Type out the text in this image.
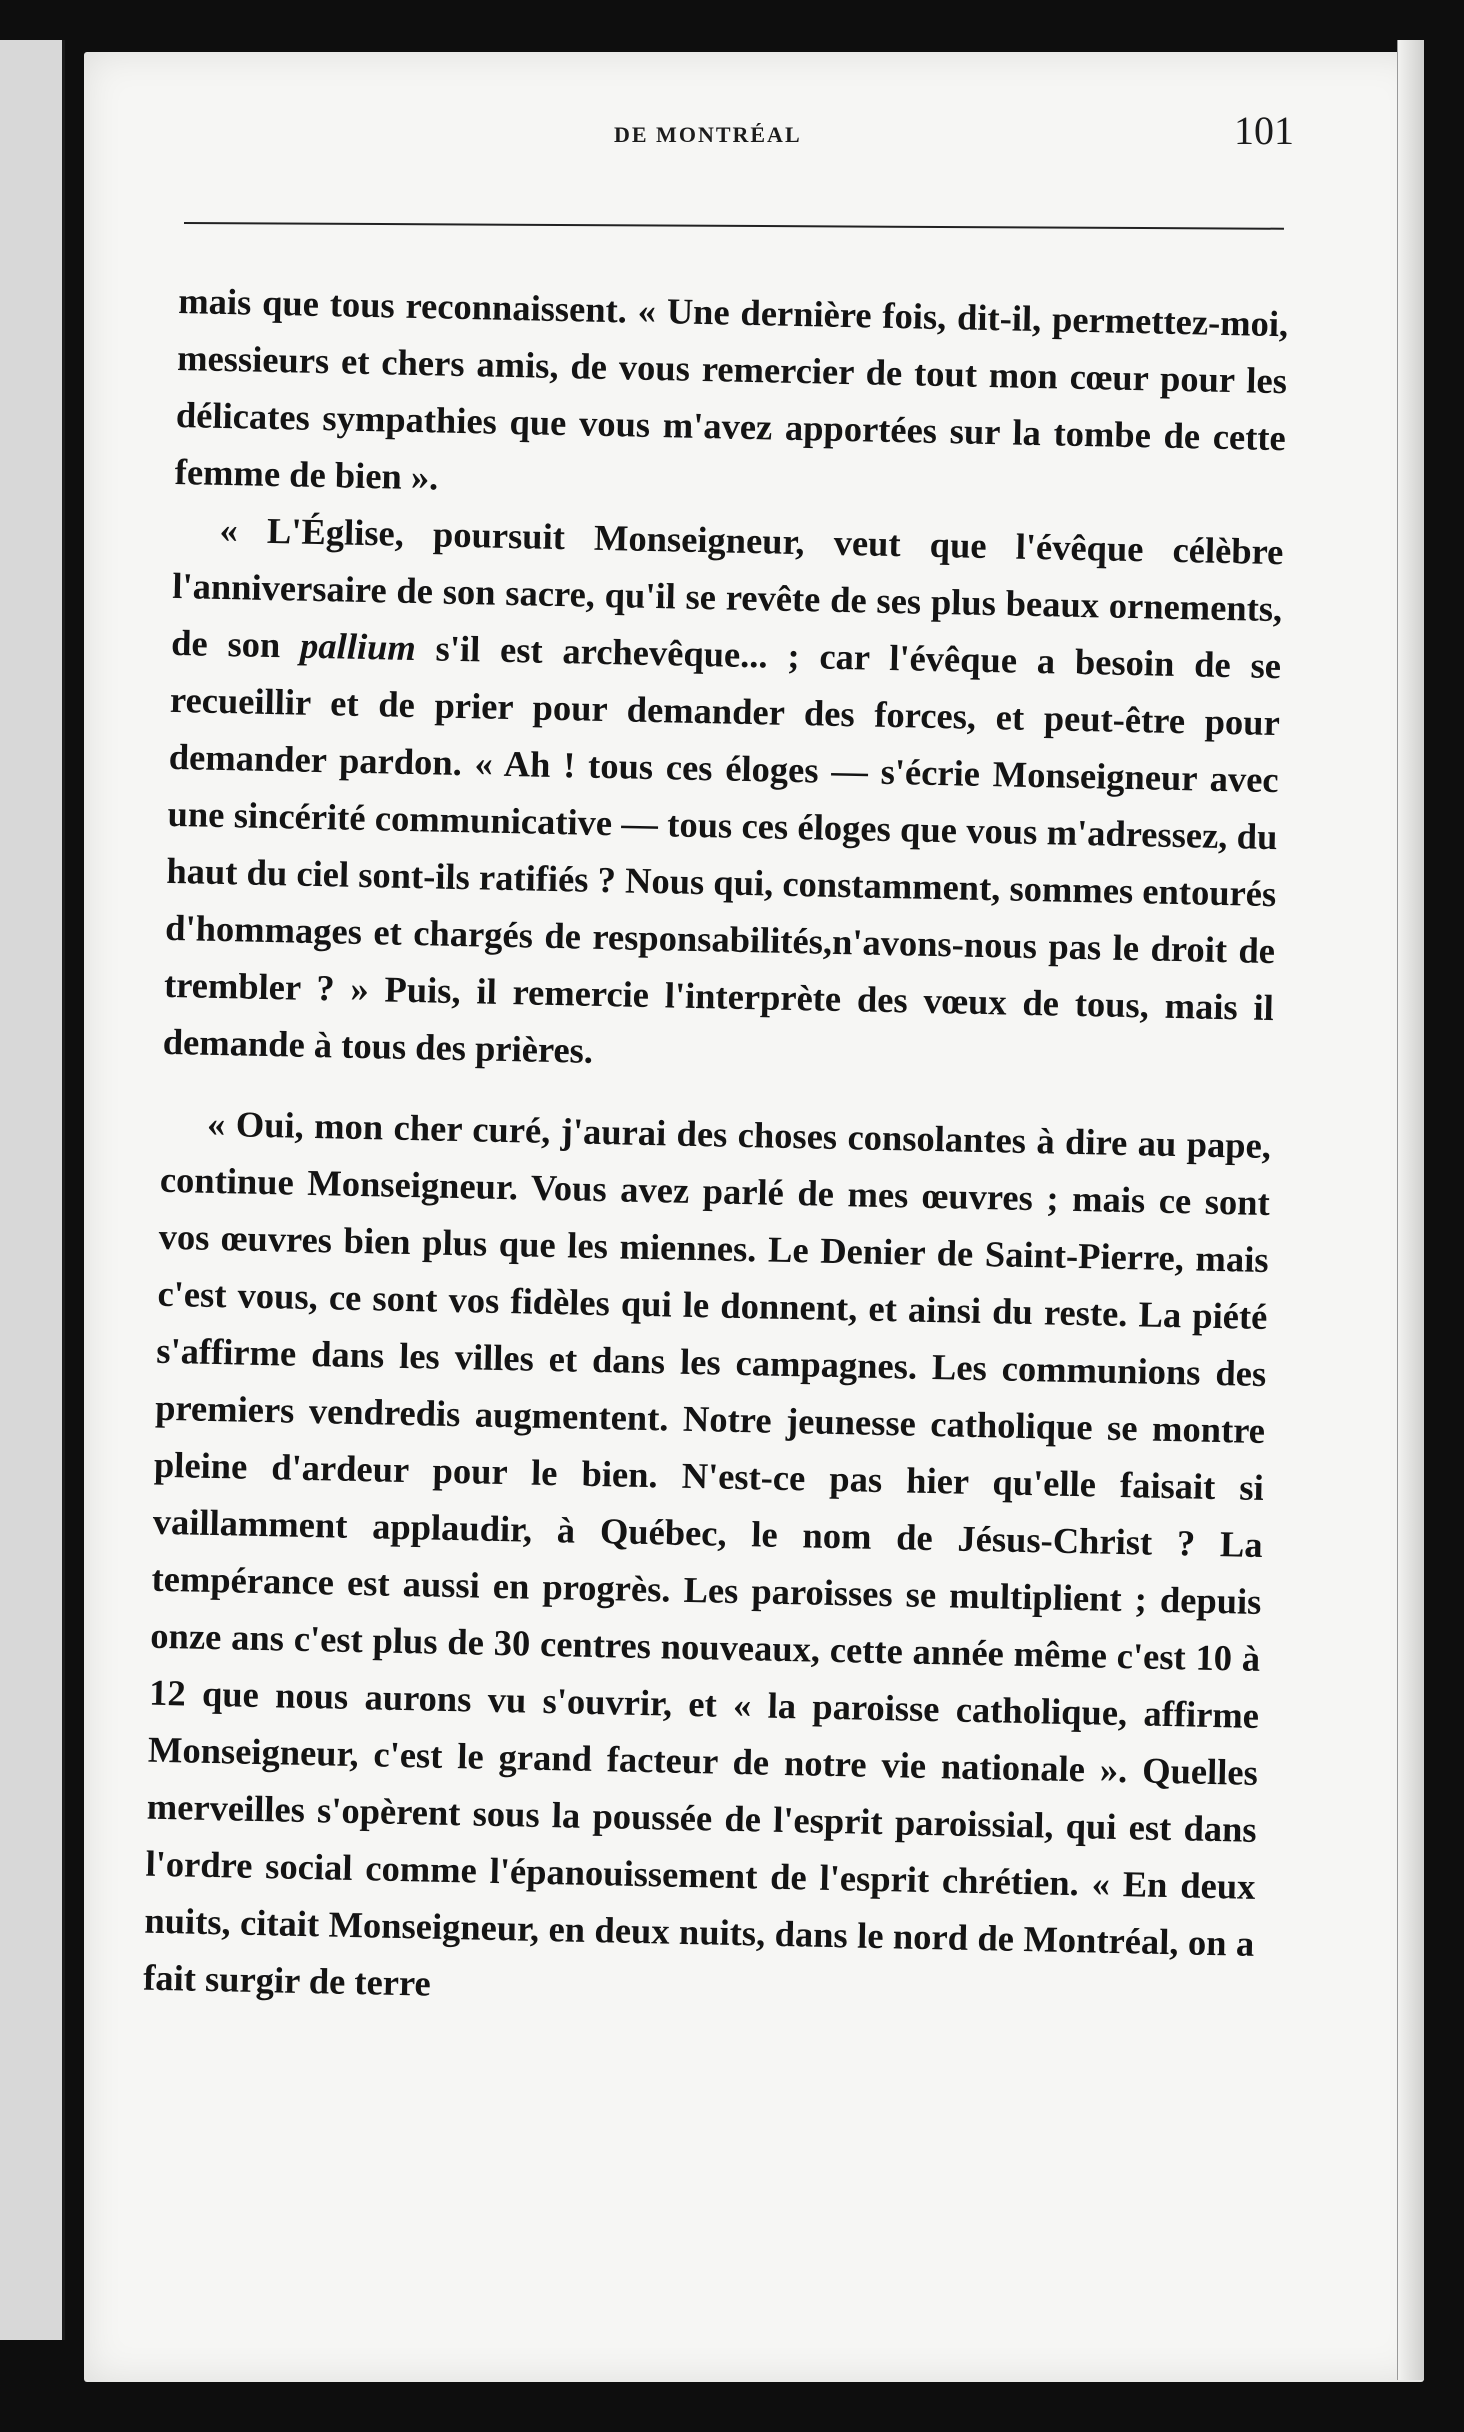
DE MONTRÉAL	101

mais que tous reconnaissent. « Une dernière fois, dit-il, permettez-moi, messieurs et chers amis, de vous remercier de tout mon cœur pour les délicates sympathies que vous m'avez apportées sur la tombe de cette femme de bien ».

« L'Église, poursuit Monseigneur, veut que l'évêque célèbre l'anniversaire de son sacre, qu'il se revête de ses plus beaux ornements, de son pallium s'il est archevêque... ; car l'évêque a besoin de se recueillir et de prier pour demander des forces, et peut-être pour demander pardon. « Ah ! tous ces éloges — s'écrie Monseigneur avec une sincérité communicative — tous ces éloges que vous m'adressez, du haut du ciel sont-ils ratifiés ? Nous qui, constamment, sommes entourés d'hommages et chargés de responsabilités,n'avons-nous pas le droit de trembler ? » Puis, il remercie l'interprète des vœux de tous, mais il demande à tous des prières.

« Oui, mon cher curé, j'aurai des choses consolantes à dire au pape, continue Monseigneur. Vous avez parlé de mes œuvres ; mais ce sont vos œuvres bien plus que les miennes. Le Denier de Saint-Pierre, mais c'est vous, ce sont vos fidèles qui le donnent, et ainsi du reste. La piété s'affirme dans les villes et dans les campagnes. Les communions des premiers vendredis augmentent. Notre jeunesse catholique se montre pleine d'ardeur pour le bien. N'est-ce pas hier qu'elle faisait si vaillamment applaudir, à Québec, le nom de Jésus-Christ ? La tempérance est aussi en progrès. Les paroisses se multiplient ; depuis onze ans c'est plus de 30 centres nouveaux, cette année même c'est 10 à 12 que nous aurons vu s'ouvrir, et « la paroisse catholique, affirme Monseigneur, c'est le grand facteur de notre vie nationale ». Quelles merveilles s'opèrent sous la poussée de l'esprit paroissial, qui est dans l'ordre social comme l'épanouissement de l'esprit chrétien. « En deux nuits, citait Monseigneur, en deux nuits, dans le nord de Montréal, on a fait surgir de terre
